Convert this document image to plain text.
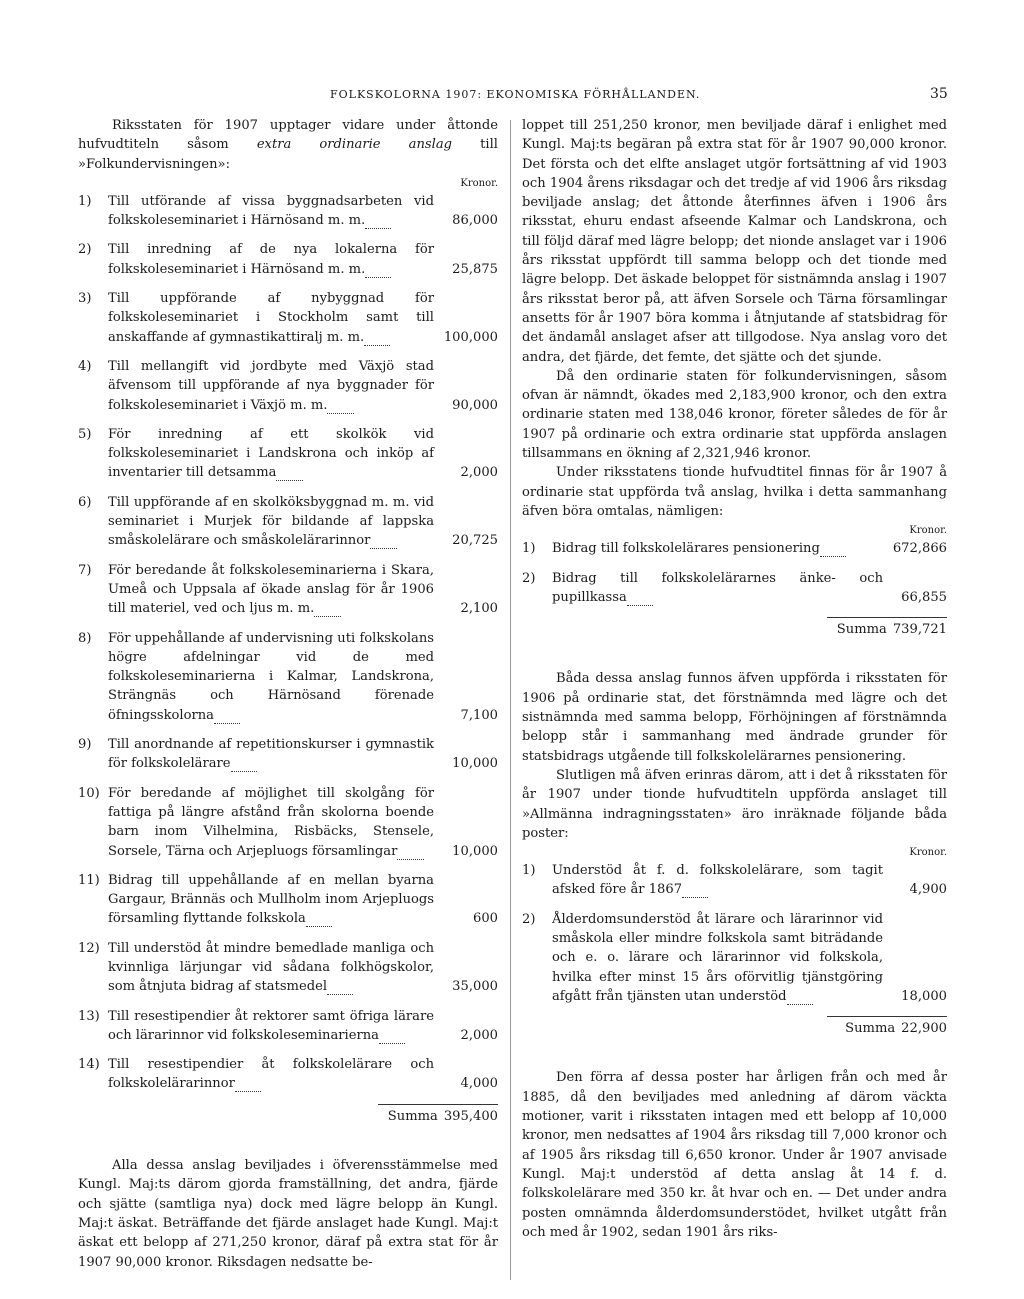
FOLKSKOLORNA 1907: EKONOMISKA FÖRHÅLLANDEN.	35

Riksstaten för 1907 upptager vidare under åttonde hufvudtiteln såsom extra ordinarie anslag till »Folkundervisningen»:

Kronor.

1) Till utförande af vissa byggnadsarbeten vid folkskoleseminariet i Härnösand m. m.  	86,000
2) Till inredning af de nya lokalerna för folkskoleseminariet i Härnösand m. m.  	25,875
3) Till uppförande af nybyggnad för folkskoleseminariet i Stockholm samt till anskaffande af gymnastikattiralj m. m.  	100,000
4) Till mellangift vid jordbyte med Växjö stad äfvensom till uppförande af nya byggnader för folkskoleseminariet i Växjö m. m.  	90,000
5) För inredning af ett skolkök vid folkskoleseminariet i Landskrona och inköp af inventarier till detsamma  	2,000
6) Till uppförande af en skolköksbyggnad m. m. vid seminariet i Murjek för bildande af lappska småskolelärare och småskolelärarinnor  	20,725
7) För beredande åt folkskoleseminarierna i Skara, Umeå och Uppsala af ökade anslag för år 1906 till materiel, ved och ljus m. m.  	2,100
8) För uppehållande af undervisning uti folkskolans högre afdelningar vid de med folkskoleseminarierna i Kalmar, Landskrona, Strängnäs och Härnösand förenade öfningsskolorna  	7,100
9) Till anordnande af repetitionskurser i gymnastik för folkskolelärare  	10,000
10) För beredande af möjlighet till skolgång för fattiga på längre afstånd från skolorna boende barn inom Vilhelmina, Risbäcks, Stensele, Sorsele, Tärna och Arjepluogs församlingar  	10,000
11) Bidrag till uppehållande af en mellan byarna Gargaur, Brännäs och Mullholm inom Arjepluogs församling flyttande folkskola  	600
12) Till understöd åt mindre bemedlade manliga och kvinnliga lärjungar vid sådana folkhögskolor, som åtnjuta bidrag af statsmedel  	35,000
13) Till resestipendier åt rektorer samt öfriga lärare och lärarinnor vid folkskoleseminarierna  	2,000
14) Till resestipendier åt folkskolelärare och folkskolelärarinnor  	4,000

Summa 395,400

Alla dessa anslag beviljades i öfverensstämmelse med Kungl. Maj:ts därom gjorda framställning, det andra, fjärde och sjätte (samtliga nya) dock med lägre belopp än Kungl. Maj:t äskat. Beträffande det fjärde anslaget hade Kungl. Maj:t äskat ett belopp af 271,250 kronor, däraf på extra stat för år 1907 90,000 kronor. Riksdagen nedsatte be-

loppet till 251,250 kronor, men beviljade däraf i enlighet med Kungl. Maj:ts begäran på extra stat för år 1907 90,000 kronor. Det första och det elfte anslaget utgör fortsättning af vid 1903 och 1904 årens riksdagar och det tredje af vid 1906 års riksdag beviljade anslag; det åttonde återfinnes äfven i 1906 års riksstat, ehuru endast afseende Kalmar och Landskrona, och till följd däraf med lägre belopp; det nionde anslaget var i 1906 års riksstat uppfördt till samma belopp och det tionde med lägre belopp. Det äskade beloppet för sistnämnda anslag i 1907 års riksstat beror på, att äfven Sorsele och Tärna församlingar ansetts för år 1907 böra komma i åtnjutande af statsbidrag för det ändamål anslaget afser att tillgodose. Nya anslag voro det andra, det fjärde, det femte, det sjätte och det sjunde.

Då den ordinarie staten för folkundervisningen, såsom ofvan är nämndt, ökades med 2,183,900 kronor, och den extra ordinarie staten med 138,046 kronor, företer således de för år 1907 på ordinarie och extra ordinarie stat uppförda anslagen tillsammans en ökning af 2,321,946 kronor.

Under riksstatens tionde hufvudtitel finnas för år 1907 å ordinarie stat uppförda två anslag, hvilka i detta sammanhang äfven böra omtalas, nämligen:

Kronor.

1) Bidrag till folkskolelärares pensionering  	672,866
2) Bidrag till folkskolelärarnes änke- och pupillkassa  	66,855

Summa 739,721

Båda dessa anslag funnos äfven uppförda i riksstaten för 1906 på ordinarie stat, det förstnämnda med lägre och det sistnämnda med samma belopp, Förhöjningen af förstnämnda belopp står i sammanhang med ändrade grunder för statsbidrags utgående till folkskolelärarnes pensionering.

Slutligen må äfven erinras därom, att i det å riksstaten för år 1907 under tionde hufvudtiteln uppförda anslaget till »Allmänna indragningsstaten» äro inräknade följande båda poster:

Kronor.

1) Understöd åt f. d. folkskolelärare, som tagit afsked före år 1867  	4,900
2) Ålderdomsunderstöd åt lärare och lärarinnor vid småskola eller mindre folkskola samt biträdande och e. o. lärare och lärarinnor vid folkskola, hvilka efter minst 15 års oförvitlig tjänstgöring afgått från tjänsten utan understöd  	18,000

Summa 22,900

Den förra af dessa poster har årligen från och med år 1885, då den beviljades med anledning af därom väckta motioner, varit i riksstaten intagen med ett belopp af 10,000 kronor, men nedsattes af 1904 års riksdag till 7,000 kronor och af 1905 års riksdag till 6,650 kronor. Under år 1907 anvisade Kungl. Maj:t understöd af detta anslag åt 14 f. d. folkskolelärare med 350 kr. åt hvar och en. — Det under andra posten omnämnda ålderdomsunderstödet, hvilket utgått från och med år 1902, sedan 1901 års riks-
